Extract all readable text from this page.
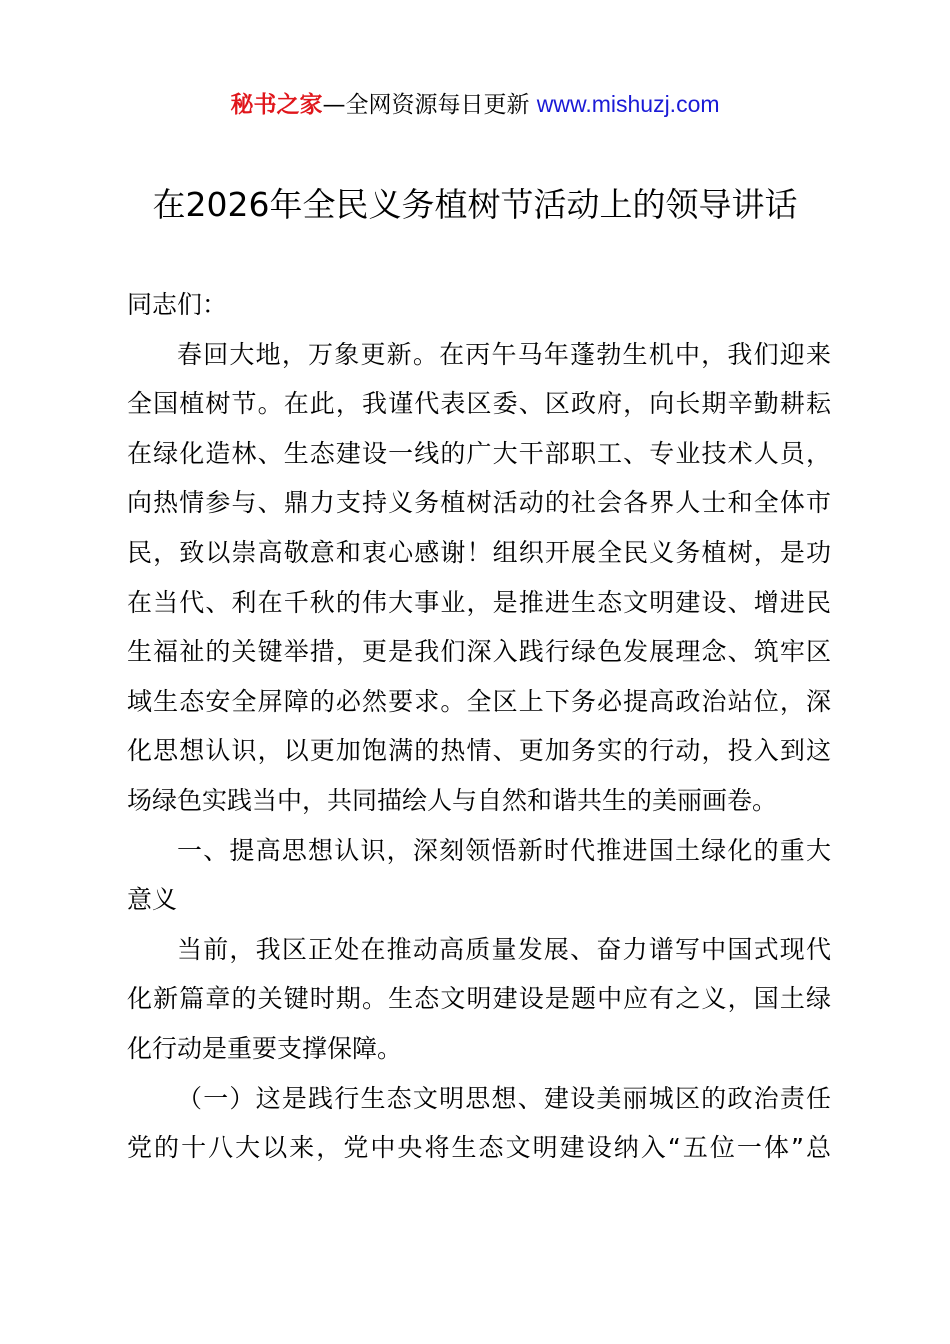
秘书之家—全网资源每日更新 www.mishuzj.com
在2026年全民义务植树节活动上的领导讲话
同志们：
春回大地，万象更新。在丙午马年蓬勃生机中，我们迎来
全国植树节。在此，我谨代表区委、区政府，向长期辛勤耕耘
在绿化造林、生态建设一线的广大干部职工、专业技术人员，
向热情参与、鼎力支持义务植树活动的社会各界人士和全体市
民，致以崇高敬意和衷心感谢！组织开展全民义务植树，是功
在当代、利在千秋的伟大事业，是推进生态文明建设、增进民
生福祉的关键举措，更是我们深入践行绿色发展理念、筑牢区
域生态安全屏障的必然要求。全区上下务必提高政治站位，深
化思想认识，以更加饱满的热情、更加务实的行动，投入到这
场绿色实践当中，共同描绘人与自然和谐共生的美丽画卷。
一、提高思想认识，深刻领悟新时代推进国土绿化的重大
意义
当前，我区正处在推动高质量发展、奋力谱写中国式现代
化新篇章的关键时期。生态文明建设是题中应有之义，国土绿
化行动是重要支撑保障。
（一）这是践行生态文明思想、建设美丽城区的政治责任
党的十八大以来，党中央将生态文明建设纳入“五位一体”总
